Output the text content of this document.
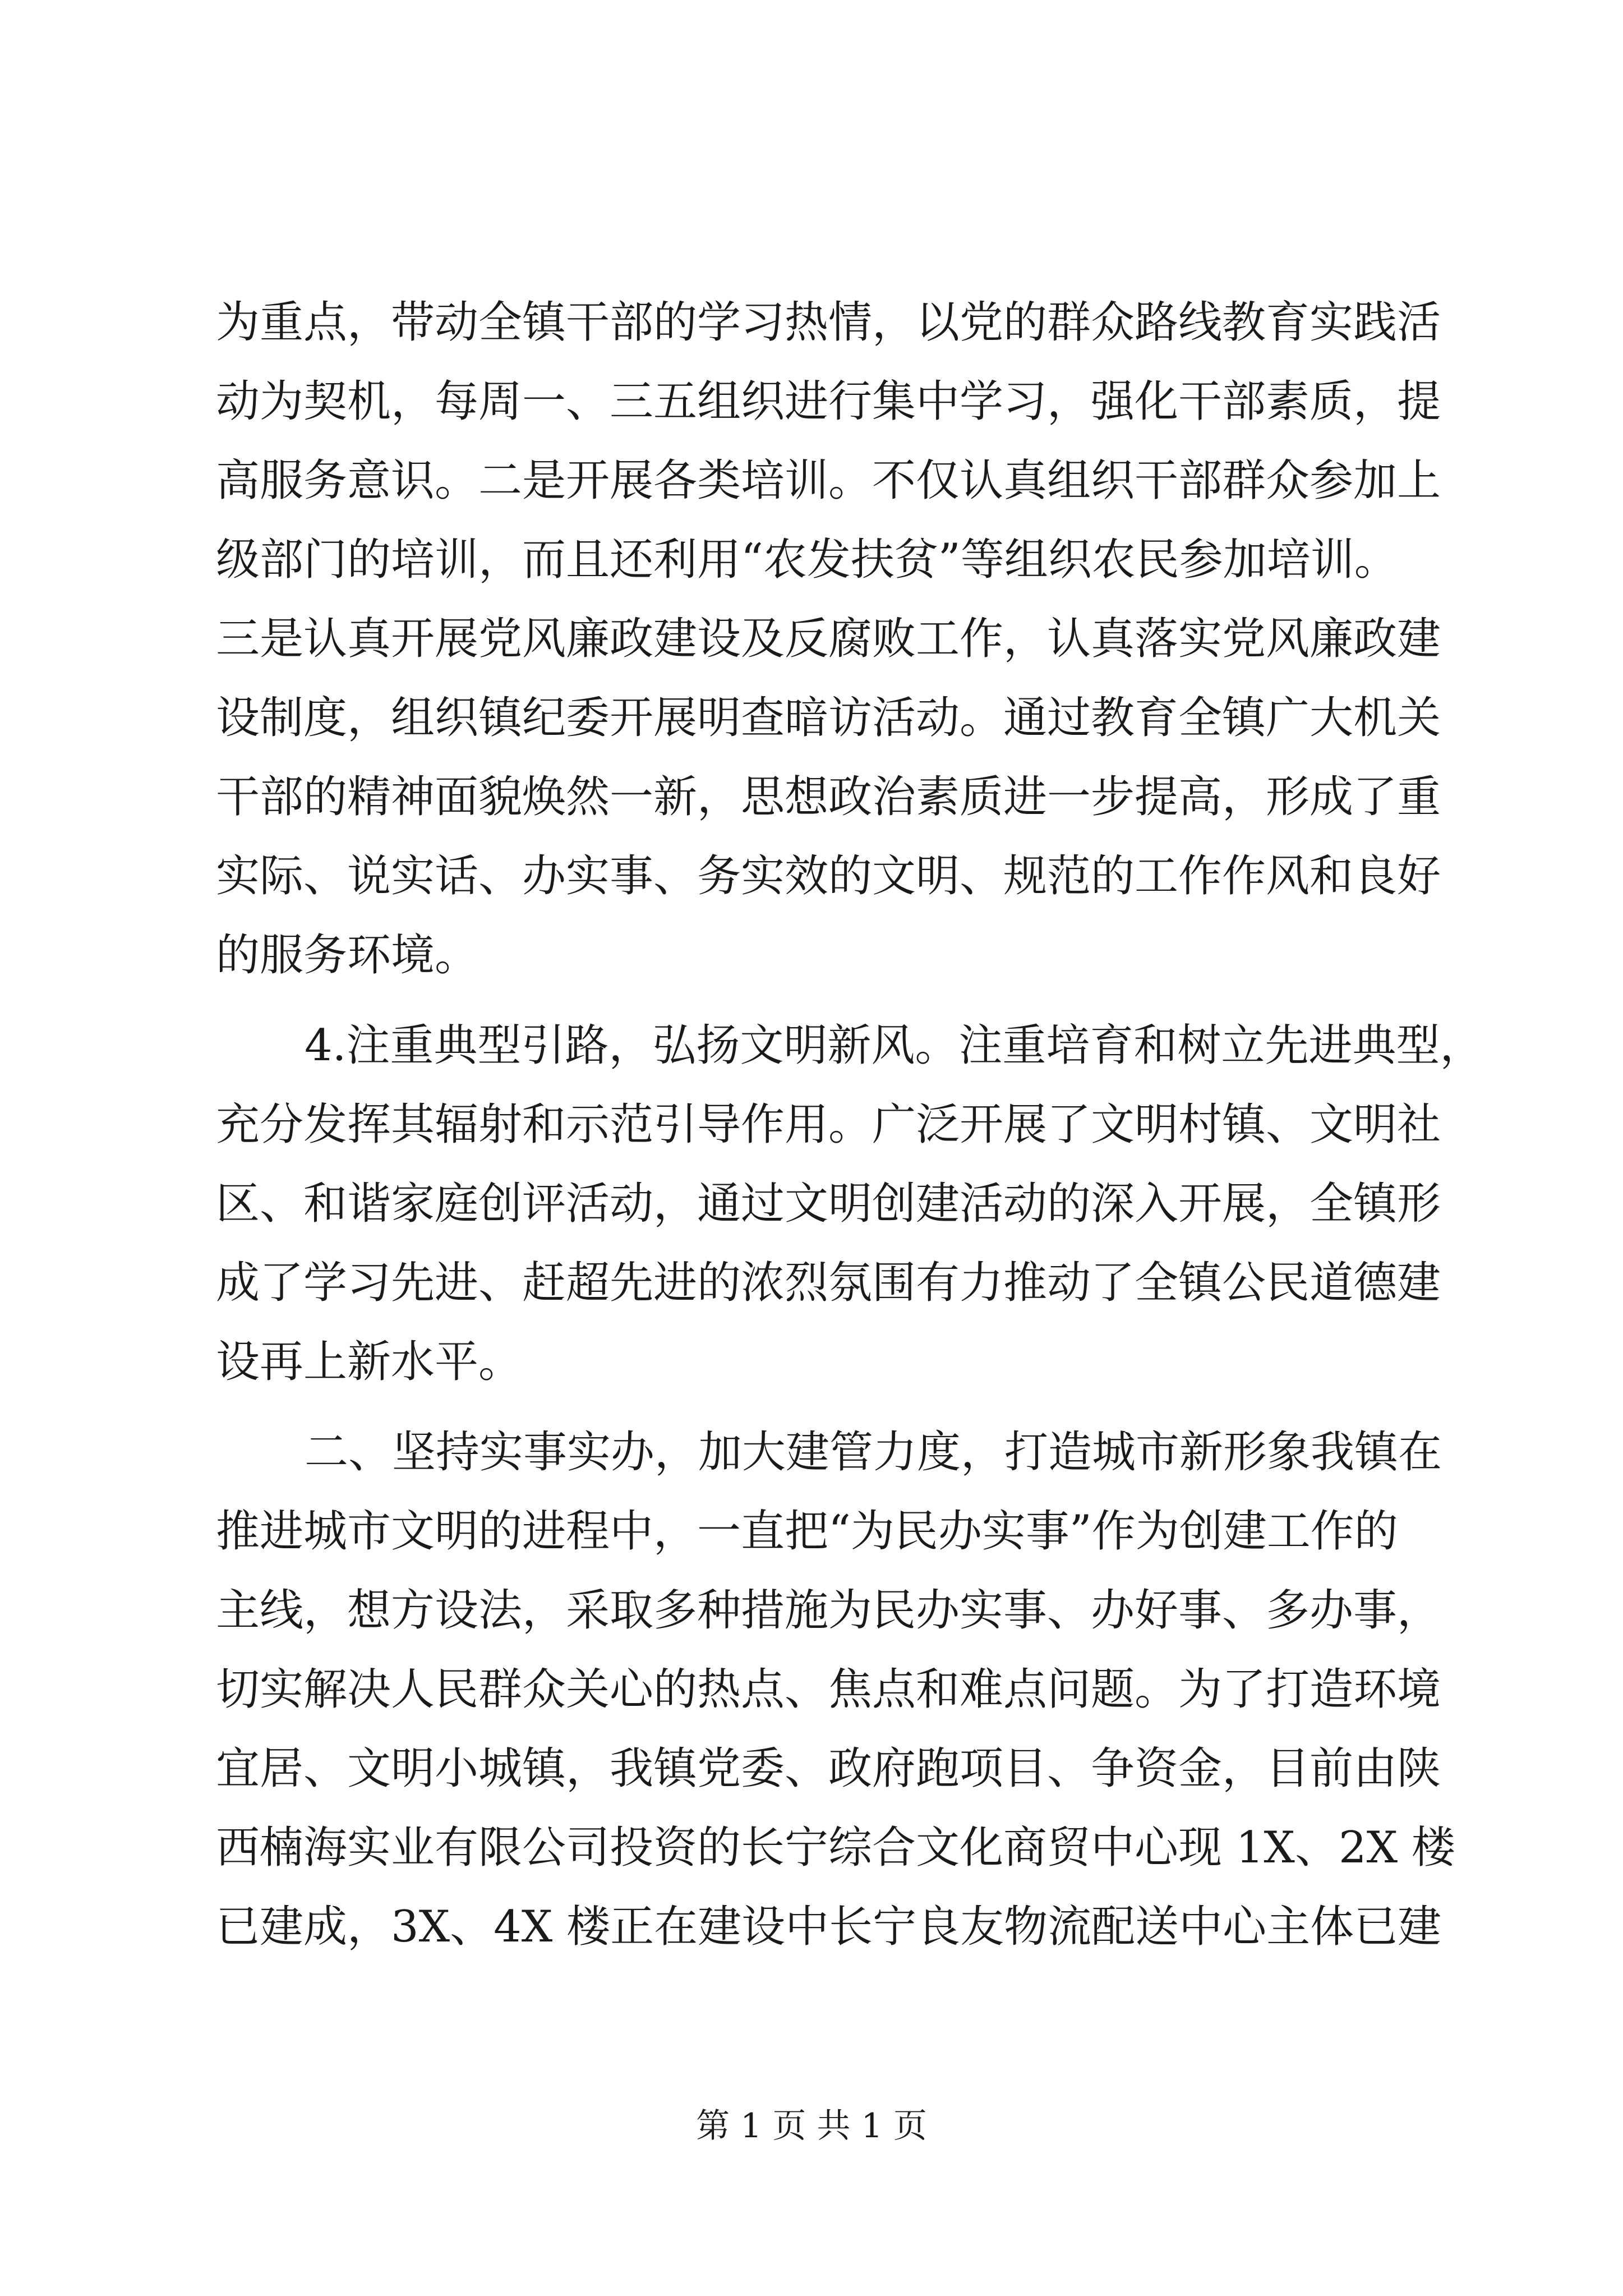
为重点，带动全镇干部的学习热情，以党的群众路线教育实践活
动为契机，每周一、三五组织进行集中学习，强化干部素质，提
高服务意识。二是开展各类培训。不仅认真组织干部群众参加上
级部门的培训，而且还利用“农发扶贫”等组织农民参加培训。
三是认真开展党风廉政建设及反腐败工作，认真落实党风廉政建
设制度，组织镇纪委开展明查暗访活动。通过教育全镇广大机关
干部的精神面貌焕然一新，思想政治素质进一步提高，形成了重
实际、说实话、办实事、务实效的文明、规范的工作作风和良好
的服务环境。
4.注重典型引路，弘扬文明新风。注重培育和树立先进典型，
充分发挥其辐射和示范引导作用。广泛开展了文明村镇、文明社
区、和谐家庭创评活动，通过文明创建活动的深入开展，全镇形
成了学习先进、赶超先进的浓烈氛围有力推动了全镇公民道德建
设再上新水平。
二、坚持实事实办，加大建管力度，打造城市新形象我镇在
推进城市文明的进程中，一直把“为民办实事”作为创建工作的
主线，想方设法，采取多种措施为民办实事、办好事、多办事，
切实解决人民群众关心的热点、焦点和难点问题。为了打造环境
宜居、文明小城镇，我镇党委、政府跑项目、争资金，目前由陕
西楠海实业有限公司投资的长宁综合文化商贸中心现 1X、2X 楼
已建成，3X、4X 楼正在建设中长宁良友物流配送中心主体已建
第 1 页 共 1 页
